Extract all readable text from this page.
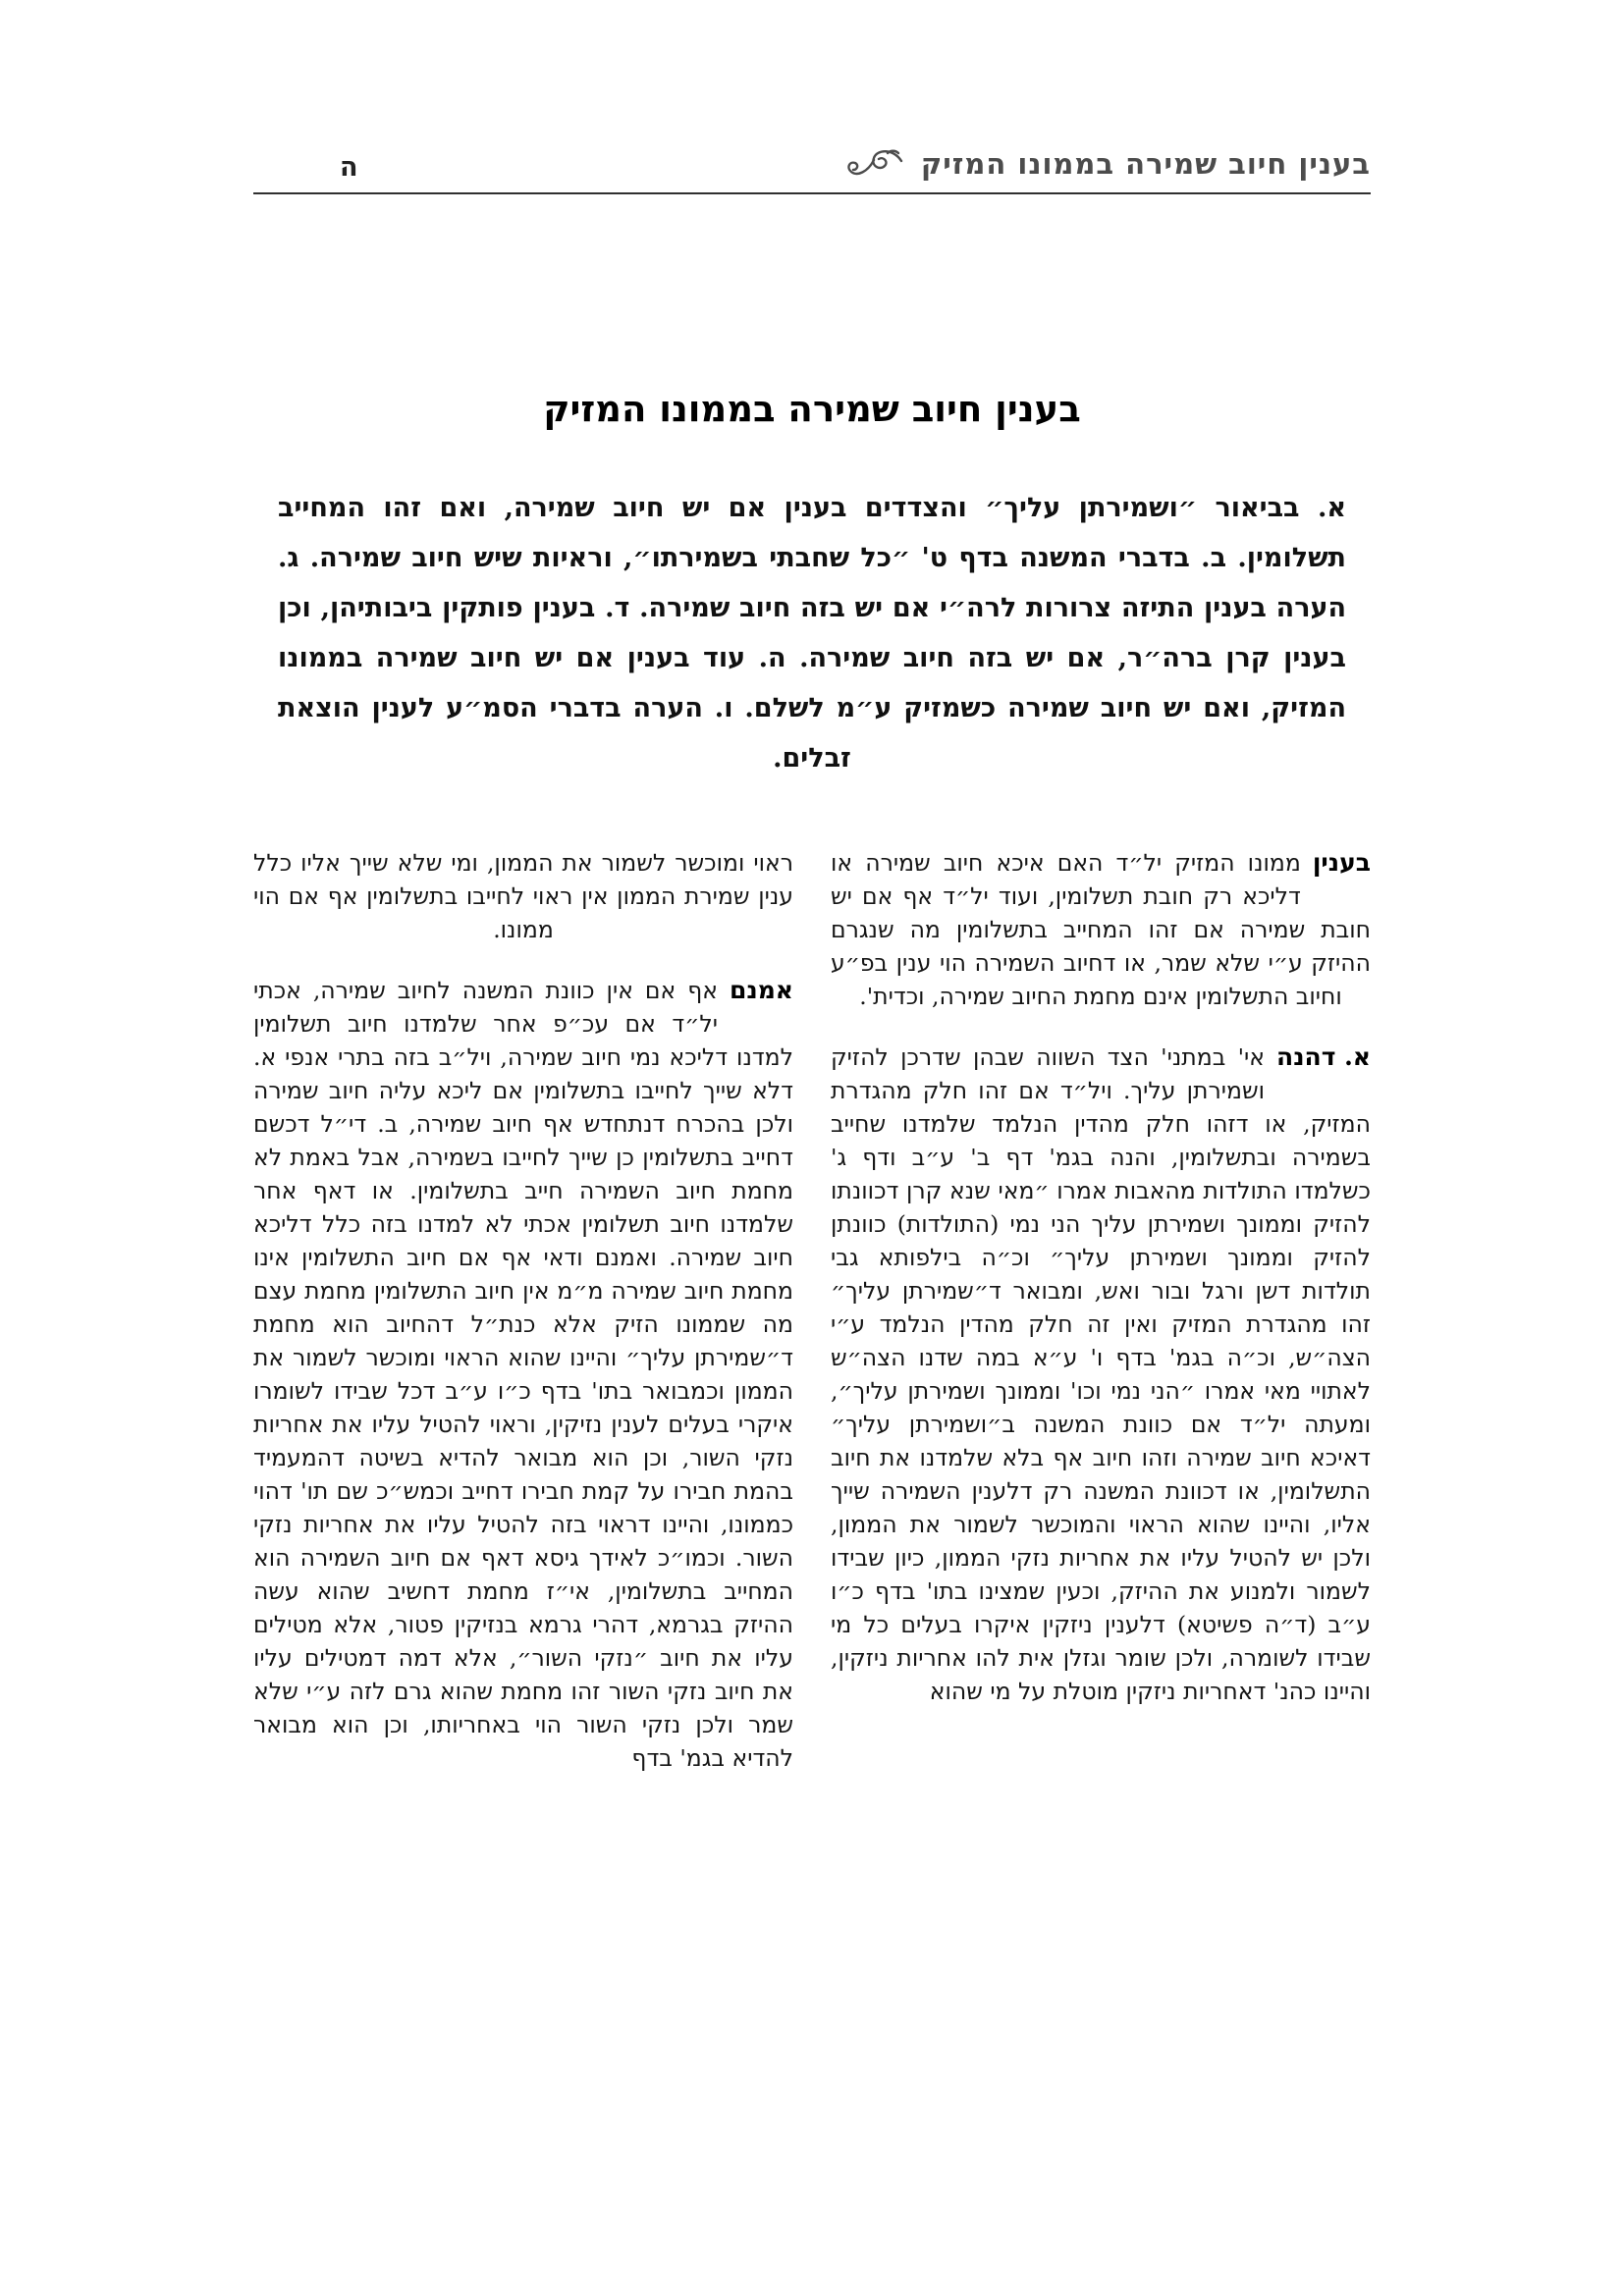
בענין חיוב שמירה בממונו המזיק
ה
בענין חיוב שמירה בממונו המזיק

א. בביאור ״ושמירתן עליך״ והצדדים בענין אם יש חיוב שמירה, ואם זהו המחייב תשלומין. ב. בדברי המשנה בדף ט' ״כל שחבתי בשמירתו״, וראיות שיש חיוב שמירה. ג. הערה בענין התיזה צרורות לרה״י אם יש בזה חיוב שמירה. ד. בענין פותקין ביבותיהן, וכן בענין קרן ברה״ר, אם יש בזה חיוב שמירה. ה. עוד בענין אם יש חיוב שמירה בממונו המזיק, ואם יש חיוב שמירה כשמזיק ע״מ לשלם. ו. הערה בדברי הסמ״ע לענין הוצאת זבלים.

בענין
ממונו המזיק יל״ד האם איכא חיוב שמירה או דליכא רק חובת תשלומין, ועוד יל״ד אף אם יש חובת שמירה אם זהו המחייב בתשלומין מה שנגרם ההיזק ע״י שלא שמר, או דחיוב השמירה הוי ענין בפ״ע וחיוב התשלומין אינם מחמת החיוב שמירה, וכדית'.

א. דהנה
אי' במתני' הצד השווה שבהן שדרכן להזיק ושמירתן עליך. ויל״ד אם זהו חלק מהגדרת המזיק, או דזהו חלק מהדין הנלמד שלמדנו שחייב בשמירה ובתשלומין, והנה בגמ' דף ב' ע״ב ודף ג' כשלמדו התולדות מהאבות אמרו ״מאי שנא קרן דכוונתו להזיק וממונך ושמירתן עליך הני נמי (התולדות) כוונתן להזיק וממונך ושמירתן עליך״ וכ״ה בילפותא גבי תולדות דשן ורגל ובור ואש, ומבואר ד״שמירתן עליך״ זהו מהגדרת המזיק ואין זה חלק מהדין הנלמד ע״י הצה״ש, וכ״ה בגמ' בדף ו' ע״א במה שדנו הצה״ש לאתויי מאי אמרו ״הני נמי וכו' וממונך ושמירתן עליך״, ומעתה יל״ד אם כוונת המשנה ב״ושמירתן עליך״ דאיכא חיוב שמירה וזהו חיוב אף בלא שלמדנו את חיוב התשלומין, או דכוונת המשנה רק דלענין השמירה שייך אליו, והיינו שהוא הראוי והמוכשר לשמור את הממון, ולכן יש להטיל עליו את אחריות נזקי הממון, כיון שבידו לשמור ולמנוע את ההיזק, וכעין שמצינו בתו' בדף כ״ו ע״ב (ד״ה פשיטא) דלענין ניזקין איקרו בעלים כל מי שבידו לשומרה, ולכן שומר וגזלן אית להו אחריות ניזקין, והיינו כהנ' דאחריות ניזקין מוטלת על מי שהוא

ראוי ומוכשר לשמור את הממון, ומי שלא שייך אליו כלל ענין שמירת הממון אין ראוי לחייבו בתשלומין אף אם הוי ממונו.

אמנם
אף אם אין כוונת המשנה לחיוב שמירה, אכתי יל״ד אם עכ״פ אחר שלמדנו חיוב תשלומין למדנו דליכא נמי חיוב שמירה, ויל״ב בזה בתרי אנפי א. דלא שייך לחייבו בתשלומין אם ליכא עליה חיוב שמירה ולכן בהכרח דנתחדש אף חיוב שמירה, ב. די״ל דכשם דחייב בתשלומין כן שייך לחייבו בשמירה, אבל באמת לא מחמת חיוב השמירה חייב בתשלומין. או דאף אחר שלמדנו חיוב תשלומין אכתי לא למדנו בזה כלל דליכא חיוב שמירה. ואמנם ודאי אף אם חיוב התשלומין אינו מחמת חיוב שמירה מ״מ אין חיוב התשלומין מחמת עצם מה שממונו הזיק אלא כנת״ל דהחיוב הוא מחמת ד״שמירתן עליך״ והיינו שהוא הראוי ומוכשר לשמור את הממון וכמבואר בתו' בדף כ״ו ע״ב דכל שבידו לשומרו איקרי בעלים לענין נזיקין, וראוי להטיל עליו את אחריות נזקי השור, וכן הוא מבואר להדיא בשיטה דהמעמיד בהמת חבירו על קמת חבירו דחייב וכמש״כ שם תו' דהוי כממונו, והיינו דראוי בזה להטיל עליו את אחריות נזקי השור. וכמו״כ לאידך גיסא דאף אם חיוב השמירה הוא המחייב בתשלומין, אי״ז מחמת דחשיב שהוא עשה ההיזק בגרמא, דהרי גרמא בנזיקין פטור, אלא מטילים עליו את חיוב ״נזקי השור״, אלא דמה דמטילים עליו את חיוב נזקי השור זהו מחמת שהוא גרם לזה ע״י שלא שמר ולכן נזקי השור הוי באחריותו, וכן הוא מבואר להדיא בגמ' בדף
